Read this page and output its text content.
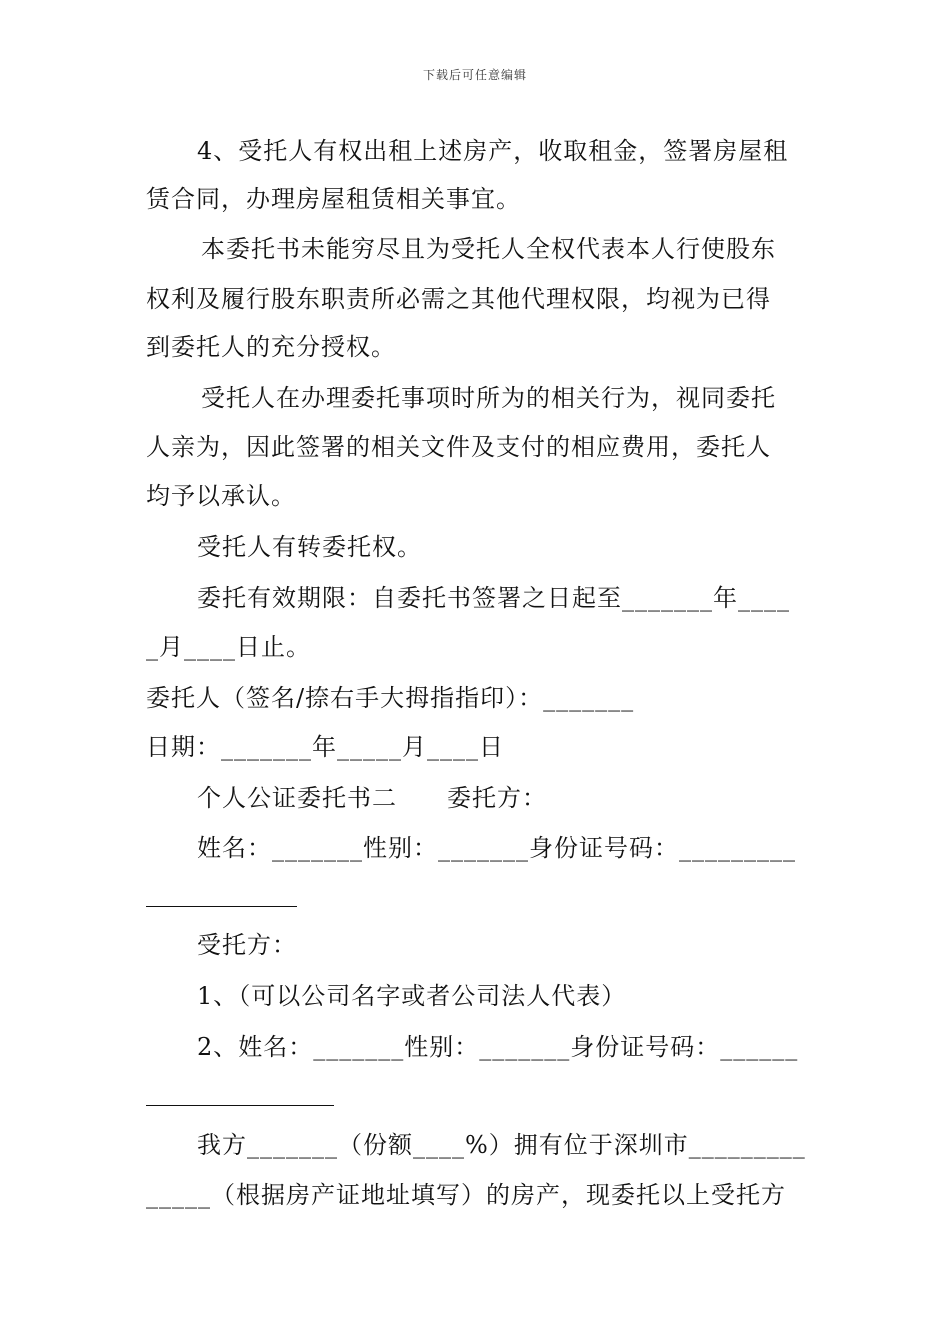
下载后可任意编辑
4、受托人有权出租上述房产，收取租金，签署房屋租
赁合同，办理房屋租赁相关事宜。
本委托书未能穷尽且为受托人全权代表本人行使股东
权利及履行股东职责所必需之其他代理权限，均视为已得
到委托人的充分授权。
受托人在办理委托事项时所为的相关行为，视同委托
人亲为，因此签署的相关文件及支付的相应费用，委托人
均予以承认。
受托人有转委托权。
委托有效期限：自委托书签署之日起至_______年____
_月____日止。
委托人（签名/捺右手大拇指指印）：_______
日期：_______年_____月____日
个人公证委托书二　　委托方：
姓名：_______性别：_______身份证号码：_________
受托方：
1、（可以公司名字或者公司法人代表）
2、姓名：_______性别：_______身份证号码：______
我方_______（份额____%）拥有位于深圳市_________
_____（根据房产证地址填写）的房产，现委托以上受托方
